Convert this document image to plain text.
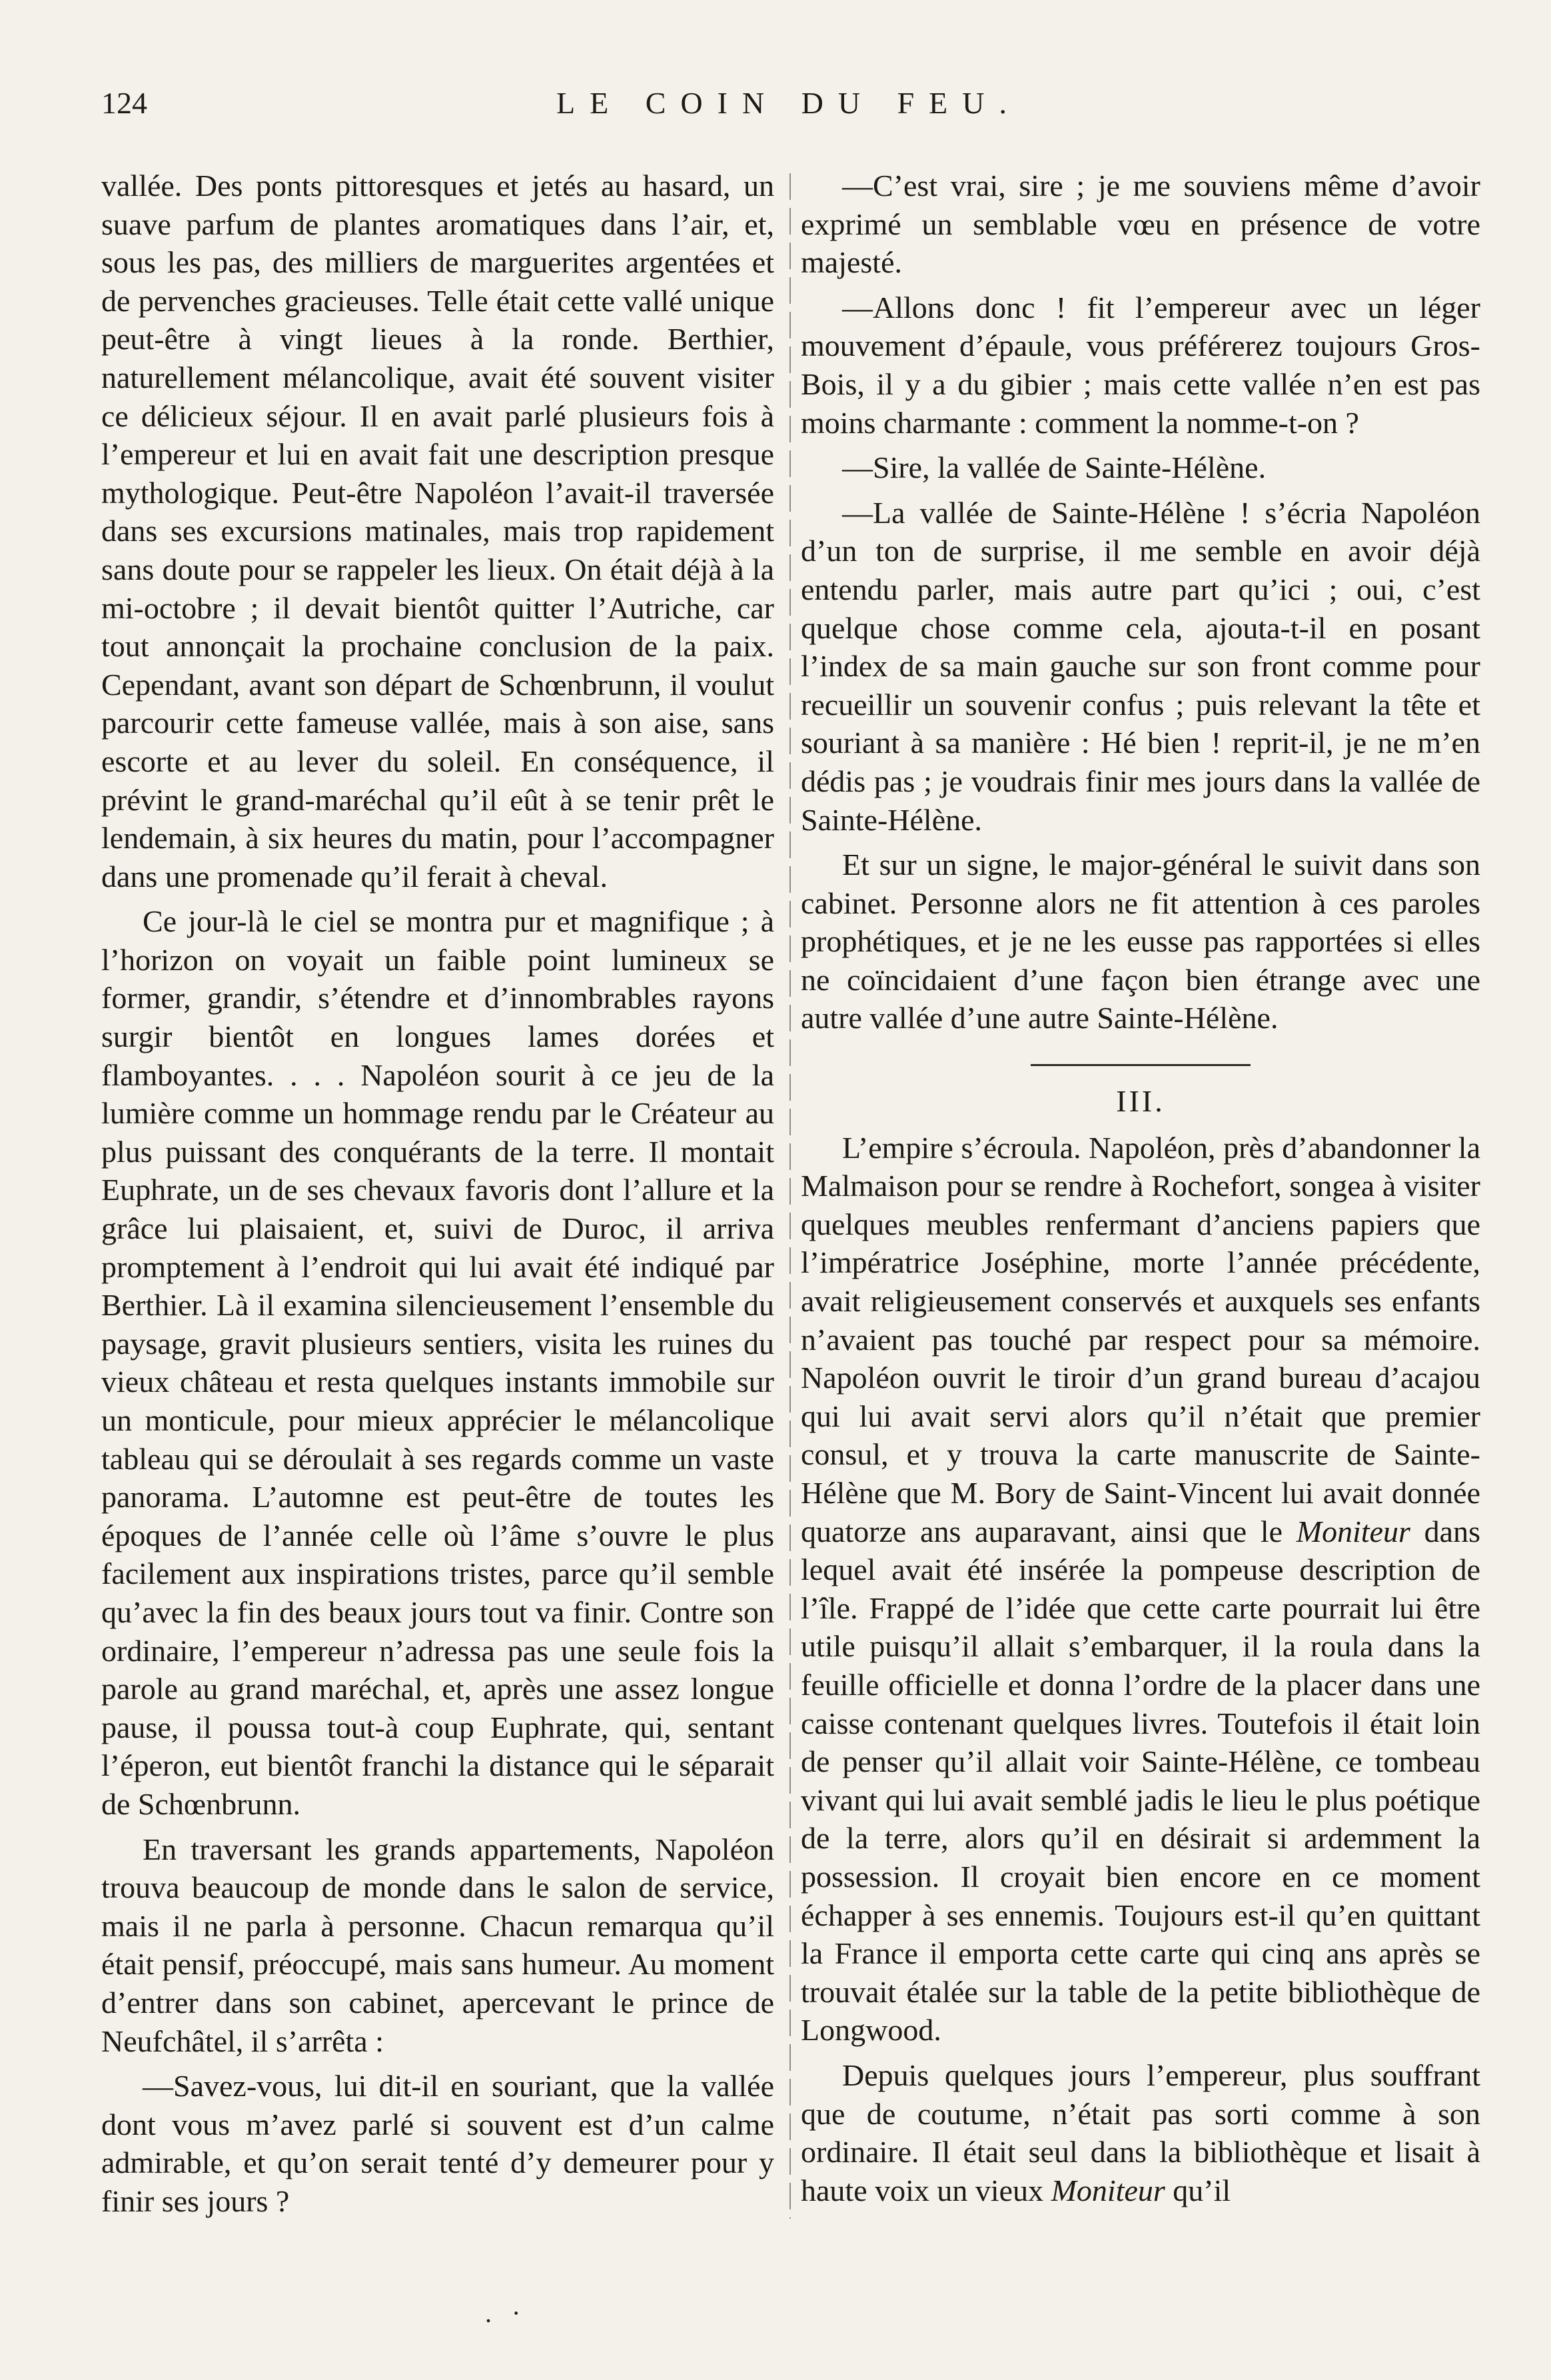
124	LE COIN DU FEU.

vallée. Des ponts pittoresques et jetés au hasard, un suave parfum de plantes aromatiques dans l’air, et, sous les pas, des milliers de marguerites argentées et de pervenches gracieuses. Telle était cette vallé unique peut-être à vingt lieues à la ronde. Berthier, naturellement mélancolique, avait été souvent visiter ce délicieux séjour. Il en avait parlé plusieurs fois à l’empereur et lui en avait fait une description presque mythologique. Peut-être Napoléon l’avait-il traversée dans ses excursions matinales, mais trop rapidement sans doute pour se rappeler les lieux. On était déjà à la mi-octobre ; il devait bientôt quitter l’Autriche, car tout annonçait la prochaine conclusion de la paix. Cependant, avant son départ de Schœnbrunn, il voulut parcourir cette fameuse vallée, mais à son aise, sans escorte et au lever du soleil. En conséquence, il prévint le grand-maréchal qu’il eût à se tenir prêt le lendemain, à six heures du matin, pour l’accompagner dans une promenade qu’il ferait à cheval.

Ce jour-là le ciel se montra pur et magnifique ; à l’horizon on voyait un faible point lumineux se former, grandir, s’étendre et d’innombrables rayons surgir bientôt en longues lames dorées et flamboyantes. . . . Napoléon sourit à ce jeu de la lumière comme un hommage rendu par le Créateur au plus puissant des conquérants de la terre. Il montait Euphrate, un de ses chevaux favoris dont l’allure et la grâce lui plaisaient, et, suivi de Duroc, il arriva promptement à l’endroit qui lui avait été indiqué par Berthier. Là il examina silencieusement l’ensemble du paysage, gravit plusieurs sentiers, visita les ruines du vieux château et resta quelques instants immobile sur un monticule, pour mieux apprécier le mélancolique tableau qui se déroulait à ses regards comme un vaste panorama. L’automne est peut-être de toutes les époques de l’année celle où l’âme s’ouvre le plus facilement aux inspirations tristes, parce qu’il semble qu’avec la fin des beaux jours tout va finir. Contre son ordinaire, l’empereur n’adressa pas une seule fois la parole au grand maréchal, et, après une assez longue pause, il poussa tout-à coup Euphrate, qui, sentant l’éperon, eut bientôt franchi la distance qui le séparait de Schœnbrunn.

En traversant les grands appartements, Napoléon trouva beaucoup de monde dans le salon de service, mais il ne parla à personne. Chacun remarqua qu’il était pensif, préoccupé, mais sans humeur. Au moment d’entrer dans son cabinet, apercevant le prince de Neufchâtel, il s’arrêta :

—Savez-vous, lui dit-il en souriant, que la vallée dont vous m’avez parlé si souvent est d’un calme admirable, et qu’on serait tenté d’y demeurer pour y finir ses jours ?

—C’est vrai, sire ; je me souviens même d’avoir exprimé un semblable vœu en présence de votre majesté.

—Allons donc ! fit l’empereur avec un léger mouvement d’épaule, vous préférerez toujours Gros-Bois, il y a du gibier ; mais cette vallée n’en est pas moins charmante : comment la nomme-t-on ?

—Sire, la vallée de Sainte-Hélène.

—La vallée de Sainte-Hélène ! s’écria Napoléon d’un ton de surprise, il me semble en avoir déjà entendu parler, mais autre part qu’ici ; oui, c’est quelque chose comme cela, ajouta-t-il en posant l’index de sa main gauche sur son front comme pour recueillir un souvenir confus ; puis relevant la tête et souriant à sa manière : Hé bien ! reprit-il, je ne m’en dédis pas ; je voudrais finir mes jours dans la vallée de Sainte-Hélène.

Et sur un signe, le major-général le suivit dans son cabinet. Personne alors ne fit attention à ces paroles prophétiques, et je ne les eusse pas rapportées si elles ne coïncidaient d’une façon bien étrange avec une autre vallée d’une autre Sainte-Hélène.

III.

L’empire s’écroula. Napoléon, près d’abandonner la Malmaison pour se rendre à Rochefort, songea à visiter quelques meubles renfermant d’anciens papiers que l’impératrice Joséphine, morte l’année précédente, avait religieusement conservés et auxquels ses enfants n’avaient pas touché par respect pour sa mémoire. Napoléon ouvrit le tiroir d’un grand bureau d’acajou qui lui avait servi alors qu’il n’était que premier consul, et y trouva la carte manuscrite de Sainte-Hélène que M. Bory de Saint-Vincent lui avait donnée quatorze ans auparavant, ainsi que le Moniteur dans lequel avait été insérée la pompeuse description de l’île. Frappé de l’idée que cette carte pourrait lui être utile puisqu’il allait s’embarquer, il la roula dans la feuille officielle et donna l’ordre de la placer dans une caisse contenant quelques livres. Toutefois il était loin de penser qu’il allait voir Sainte-Hélène, ce tombeau vivant qui lui avait semblé jadis le lieu le plus poétique de la terre, alors qu’il en désirait si ardemment la possession. Il croyait bien encore en ce moment échapper à ses ennemis. Toujours est-il qu’en quittant la France il emporta cette carte qui cinq ans après se trouvait étalée sur la table de la petite bibliothèque de Longwood.

Depuis quelques jours l’empereur, plus souffrant que de coutume, n’était pas sorti comme à son ordinaire. Il était seul dans la bibliothèque et lisait à haute voix un vieux Moniteur qu’il

. ·
